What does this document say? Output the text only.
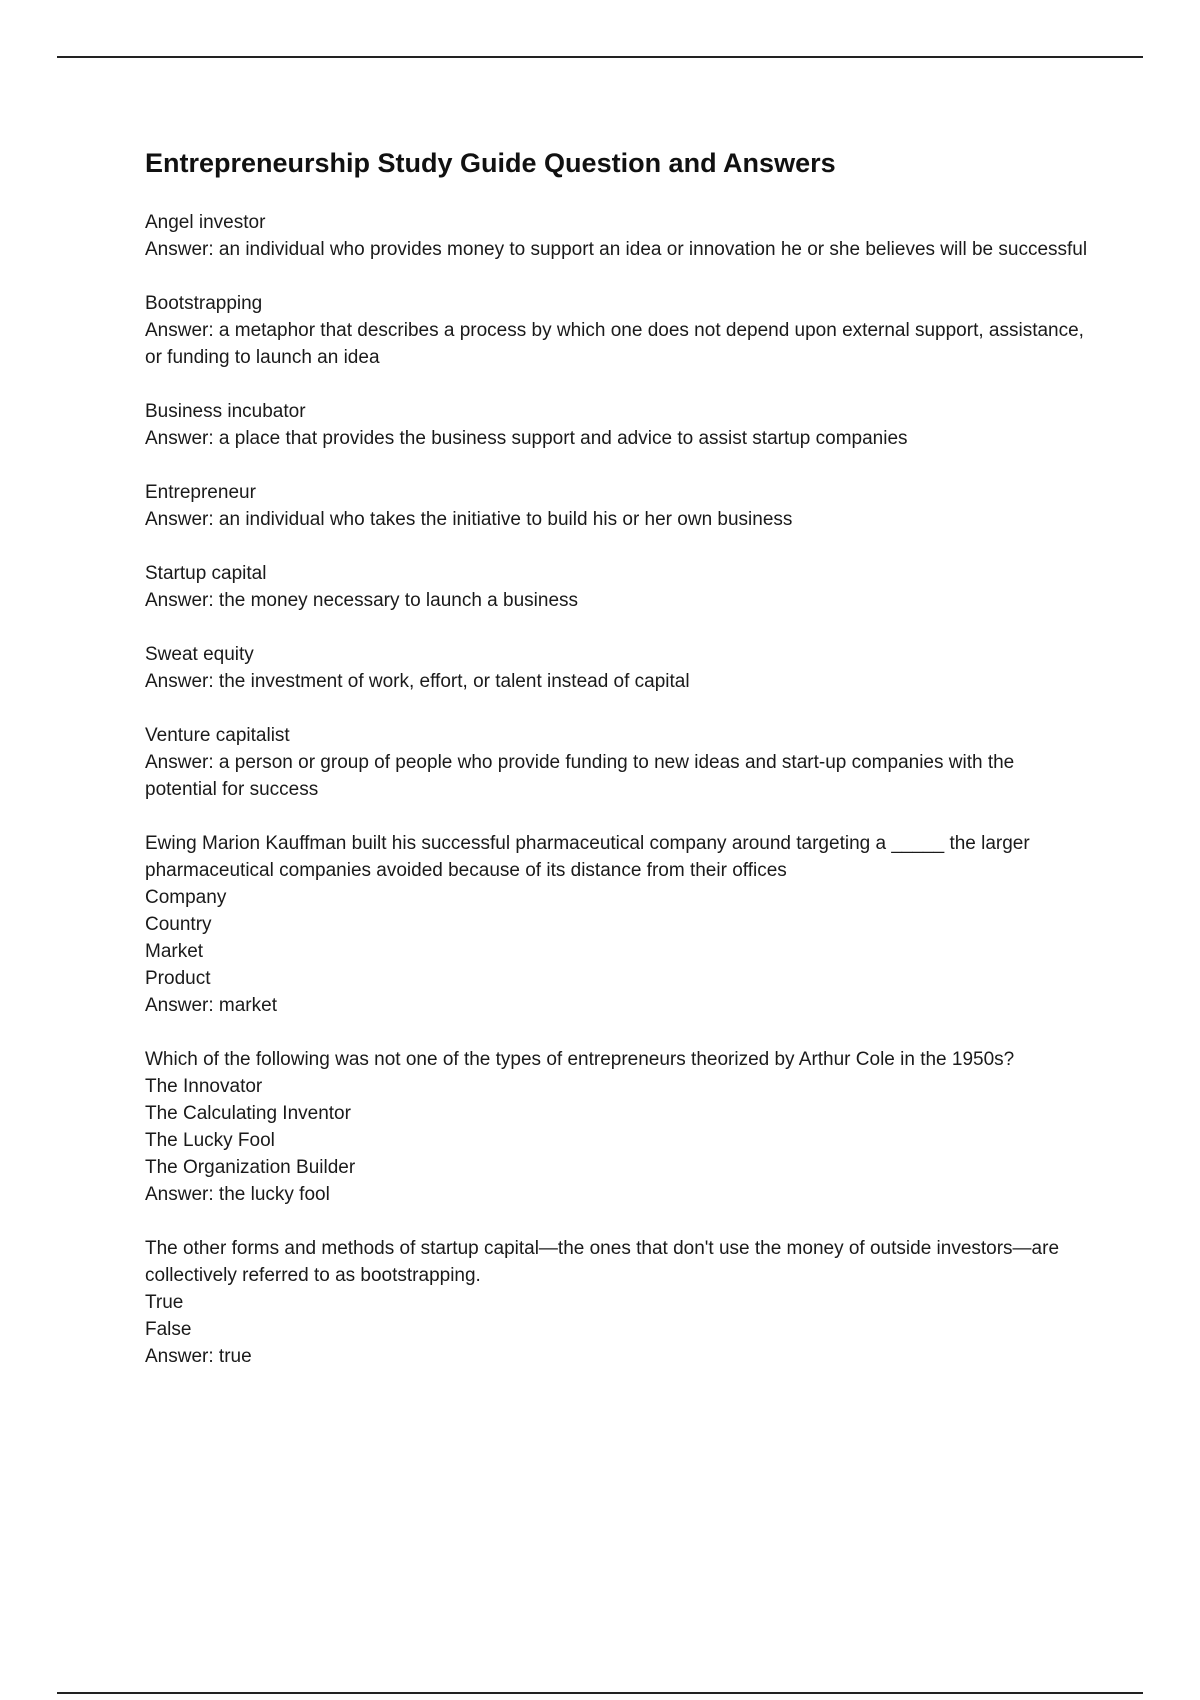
Entrepreneurship Study Guide Question and Answers

Angel investor

Answer: an individual who provides money to support an idea or innovation he or she believes will be successful

Bootstrapping

Answer: a metaphor that describes a process by which one does not depend upon external support, assistance, or funding to launch an idea

Business incubator

Answer: a place that provides the business support and advice to assist startup companies

Entrepreneur

Answer: an individual who takes the initiative to build his or her own business

Startup capital

Answer: the money necessary to launch a business

Sweat equity

Answer: the investment of work, effort, or talent instead of capital

Venture capitalist

Answer: a person or group of people who provide funding to new ideas and start-up companies with the potential for success

Ewing Marion Kauffman built his successful pharmaceutical company around targeting a _____ the larger pharmaceutical companies avoided because of its distance from their offices

Company

Country

Market

Product

Answer: market

Which of the following was not one of the types of entrepreneurs theorized by Arthur Cole in the 1950s?

The Innovator

The Calculating Inventor

The Lucky Fool

The Organization Builder

Answer: the lucky fool

The other forms and methods of startup capital—the ones that don't use the money of outside investors—are collectively referred to as bootstrapping.

True

False

Answer: true
